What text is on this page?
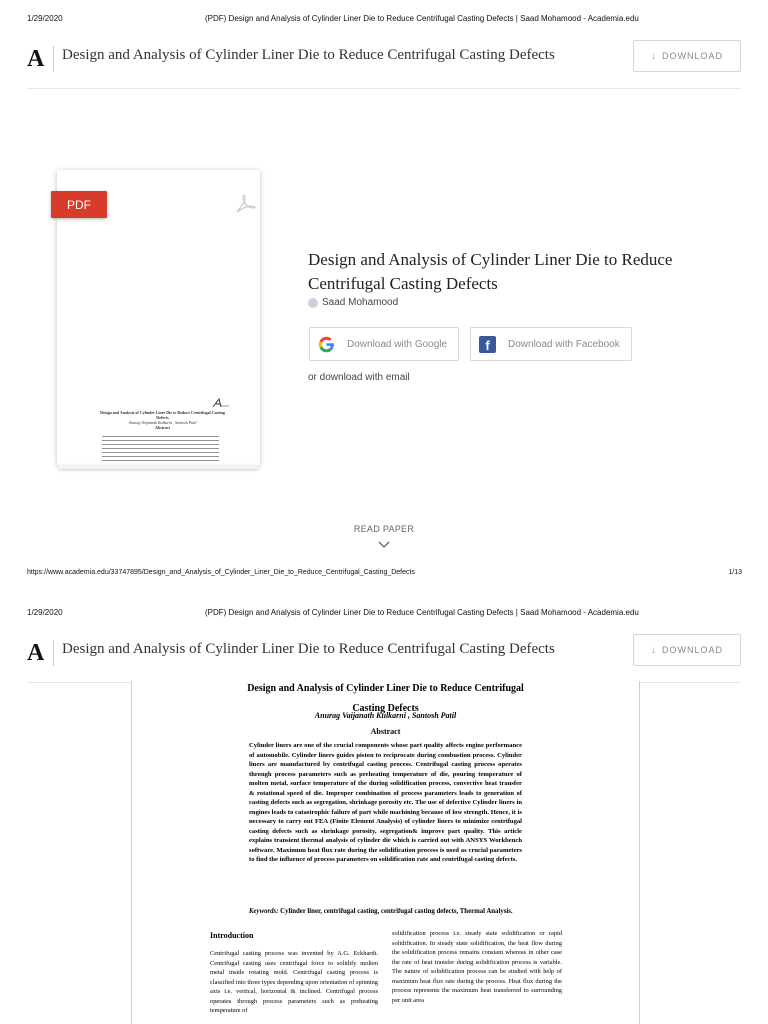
1/29/2020	(PDF) Design and Analysis of Cylinder Liner Die to Reduce Centrifugal Casting Defects | Saad Mohamood - Academia.edu
A Design and Analysis of Cylinder Liner Die to Reduce Centrifugal Casting Defects	↓ DOWNLOAD
PDF
Design and Analysis of Cylinder Liner Die to Reduce Centrifugal Casting Defects
Anurag Vaijanath Kulkarni , Santosh Patil
Abstract
Design and Analysis of Cylinder Liner Die to Reduce Centrifugal Casting Defects
Saad Mohamood
Download with Google	f	Download with Facebook
or download with email
READ PAPER
https://www.academia.edu/33747895/Design_and_Analysis_of_Cylinder_Liner_Die_to_Reduce_Centrifugal_Casting_Defects	1/13
1/29/2020	(PDF) Design and Analysis of Cylinder Liner Die to Reduce Centrifugal Casting Defects | Saad Mohamood - Academia.edu
A Design and Analysis of Cylinder Liner Die to Reduce Centrifugal Casting Defects	↓ DOWNLOAD
Design and Analysis of Cylinder Liner Die to Reduce Centrifugal
Casting Defects
Anurag Vaijanath Kulkarni , Santosh Patil
Abstract
Cylinder liners are one of the crucial components whose part quality affects engine performance of automobile. Cylinder liners guides piston to reciprocate during combustion process. Cylinder liners are manufactured by centrifugal casting process. Centrifugal casting process operates through process parameters such as preheating temperature of die, pouring temperature of molten metal, surface temperature of the during solidification process, convective heat transfer & rotational speed of die. Improper combination of process parameters leads to generation of casting defects such as segregation, shrinkage porosity etc. The use of defective Cylinder liners in engines leads to catastrophic failure of part while machining because of low strength. Hence, it is necessary to carry out FEA (Finite Element Analysis) of cylinder liners to minimize centrifugal casting defects such as shrinkage porosity, segregation& improve part quality. This article explains transient thermal analysis of cylinder die which is carried out with ANSYS Workbench software. Maximum heat flux rate during the solidification process is used as crucial parameters to find the influence of process parameters on solidification rate and centrifugal casting defects.
Keywords: Cylinder liner, centrifugal casting, centrifugal casting defects, Thermal Analysis.
Introduction
Centrifugal casting process was invented by A.G. Eckhardt. Centrifugal casting uses centrifugal force to solidify molten metal inside rotating mold. Centrifugal casting process is classified into three types depending upon orientation of spinning axis i.e. vertical, horizontal & inclined. Centrifugal process operates through process parameters such as preheating temperature of
solidification process i.e. steady state solidification or rapid solidification. In steady state solidification, the heat flow during the solidification process remains constant whereas in other case the rate of heat transfer during solidification process is variable. The nature of solidification process can be studied with help of maximum heat flux rate during the process. Heat flux during the process represents the maximum heat transferred to surrounding per unit area
